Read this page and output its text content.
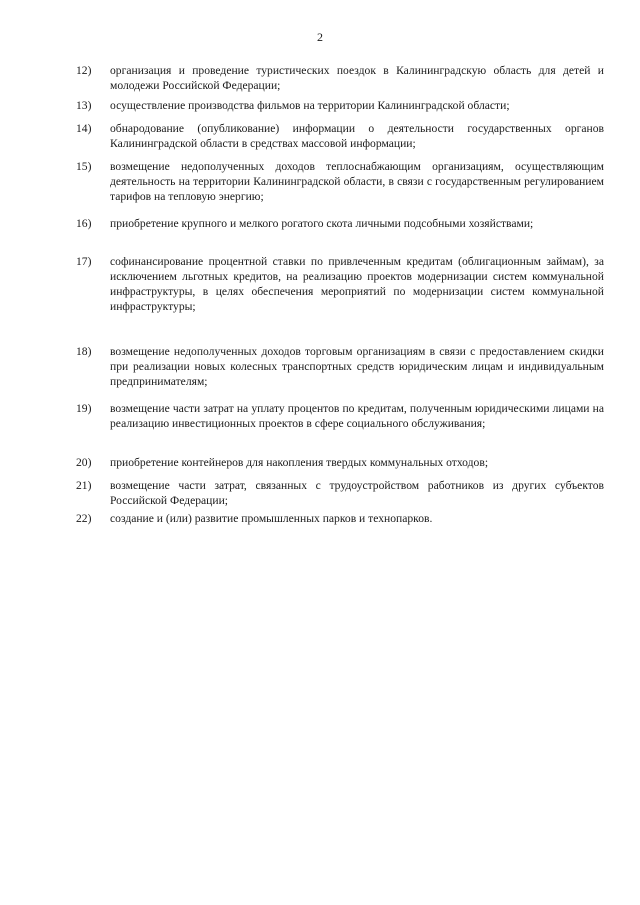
2
12)	организация и проведение туристических поездок в Калининградскую область для детей и молодежи Российской Федерации;
13)	осуществление производства фильмов на территории Калининградской области;
14)	обнародование (опубликование) информации о деятельности государственных органов Калининградской области в средствах массовой информации;
15)	возмещение недополученных доходов теплоснабжающим организациям, осуществляющим деятельность на территории Калининградской области, в связи с государственным регулированием тарифов на тепловую энергию;
16)	приобретение крупного и мелкого рогатого скота личными подсобными хозяйствами;
17)	софинансирование процентной ставки по привлеченным кредитам (облигационным займам), за исключением льготных кредитов, на реализацию проектов модернизации систем коммунальной инфраструктуры, в целях обеспечения мероприятий по модернизации систем коммунальной инфраструктуры;
18)	возмещение недополученных доходов торговым организациям в связи с предоставлением скидки при реализации новых колесных транспортных средств юридическим лицам и индивидуальным предпринимателям;
19)	возмещение части затрат на уплату процентов по кредитам, полученным юридическими лицами на реализацию инвестиционных проектов в сфере социального обслуживания;
20)	приобретение контейнеров для накопления твердых коммунальных отходов;
21)	возмещение части затрат, связанных с трудоустройством работников из других субъектов Российской Федерации;
22)	создание и (или) развитие промышленных парков и технопарков.
